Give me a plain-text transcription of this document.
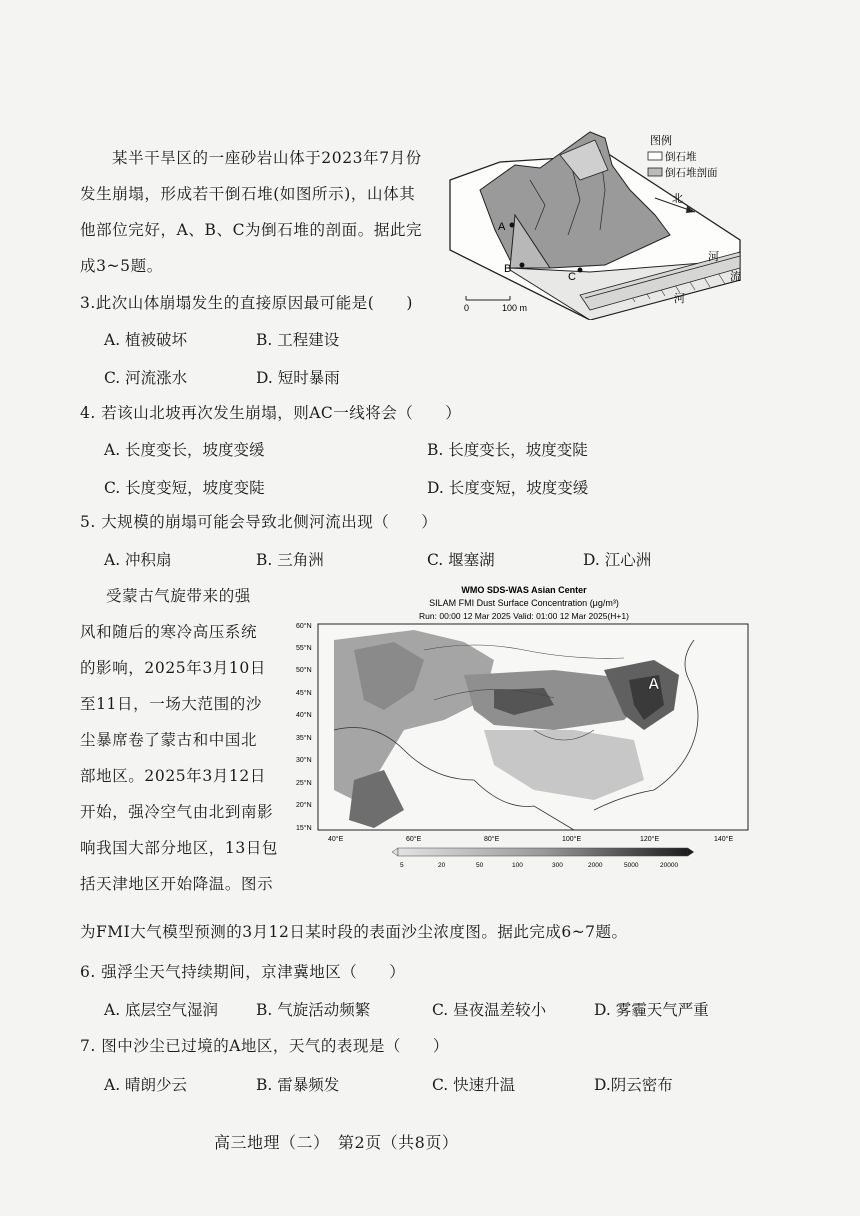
某半干旱区的一座砂岩山体于2023年7月份
发生崩塌，形成若干倒石堆(如图所示)，山体其
他部位完好，A、B、C为倒石堆的剖面。据此完
成3~5题。
A
B
C
图例
倒石堆
倒石堆剖面
北
河
流
河
0	100 m
3.此次山体崩塌发生的直接原因最可能是(　　)
A. 植被破坏	B. 工程建设
C. 河流涨水	D. 短时暴雨
4. 若该山北坡再次发生崩塌，则AC一线将会（　　）
A. 长度变长，坡度变缓	B. 长度变长，坡度变陡
C. 长度变短，坡度变陡	D. 长度变短，坡度变缓
5. 大规模的崩塌可能会导致北侧河流出现（　　）
A. 冲积扇	B. 三角洲	C. 堰塞湖	D. 江心洲
受蒙古气旋带来的强
风和随后的寒冷高压系统
的影响，2025年3月10日
至11日，一场大范围的沙
尘暴席卷了蒙古和中国北
部地区。2025年3月12日
开始，强冷空气由北到南影
响我国大部分地区，13日包
括天津地区开始降温。图示
WMO SDS-WAS Asian Center
SILAM FMI Dust Surface Concentration (μg/m³)
Run: 00:00 12 Mar 2025 Valid: 01:00 12 Mar 2025(H+1)
A
60°N
55°N
50°N
45°N
40°N
35°N
30°N
25°N
20°N
15°N
40°E	60°E	80°E	100°E	120°E	140°E
5	20	50	100	300	2000	5000	20000
为FMI大气模型预测的3月12日某时段的表面沙尘浓度图。据此完成6~7题。
6. 强浮尘天气持续期间，京津冀地区（　　）
A. 底层空气湿润 B. 气旋活动频繁	C. 昼夜温差较小	D. 雾霾天气严重
7. 图中沙尘已过境的A地区，天气的表现是（　　）
A. 晴朗少云	B. 雷暴频发	C. 快速升温	D.阴云密布
高三地理（二）　第2页（共8页）
